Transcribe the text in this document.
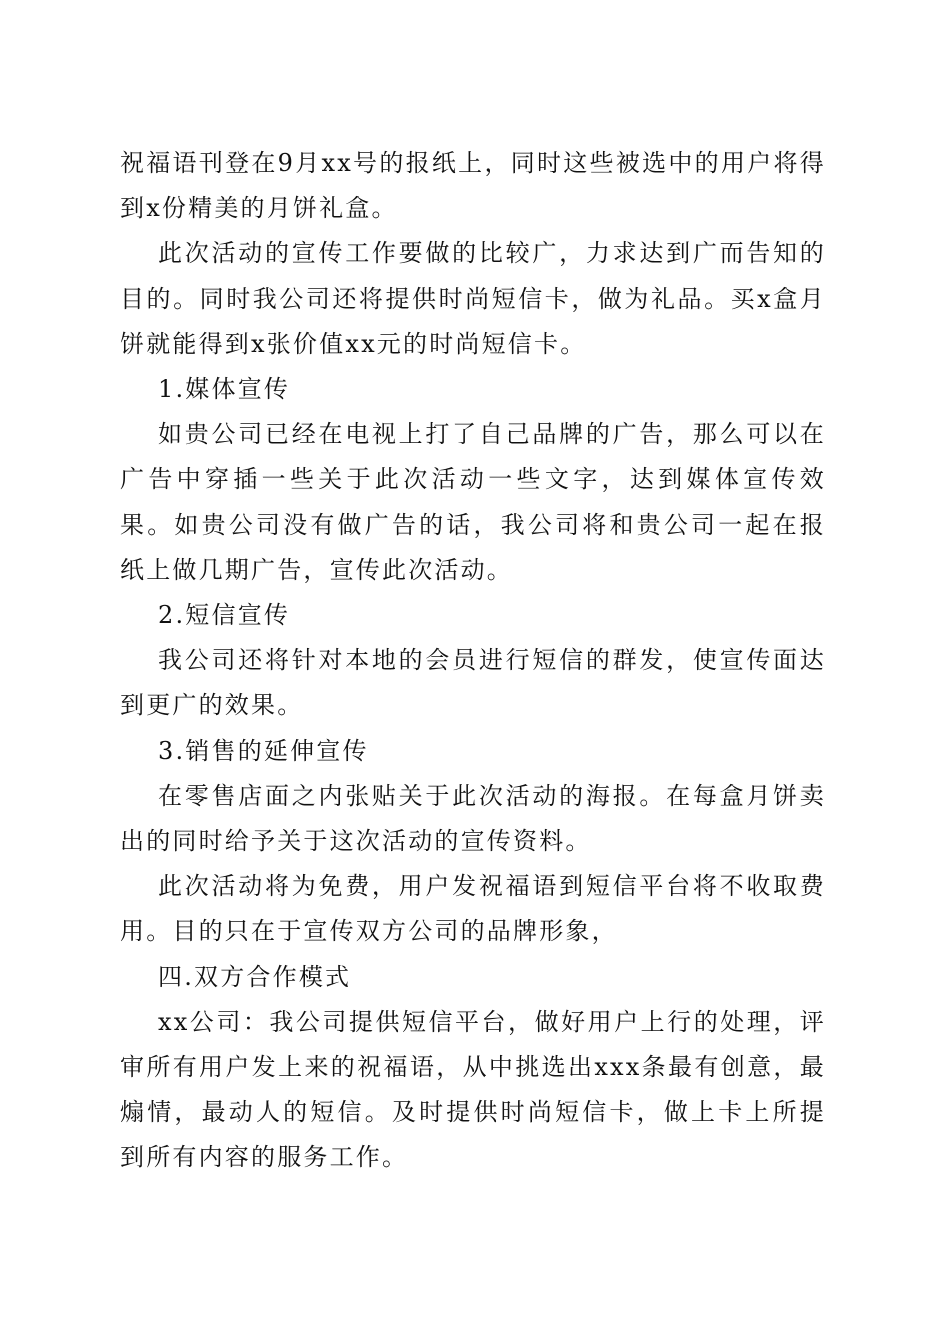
祝福语刊登在9月xx号的报纸上，同时这些被选中的用户将得到x份精美的月饼礼盒。

此次活动的宣传工作要做的比较广，力求达到广而告知的目的。同时我公司还将提供时尚短信卡，做为礼品。买x盒月饼就能得到x张价值xx元的时尚短信卡。

1.媒体宣传

如贵公司已经在电视上打了自己品牌的广告，那么可以在广告中穿插一些关于此次活动一些文字，达到媒体宣传效果。如贵公司没有做广告的话，我公司将和贵公司一起在报纸上做几期广告，宣传此次活动。

2.短信宣传

我公司还将针对本地的会员进行短信的群发，使宣传面达到更广的效果。

3.销售的延伸宣传

在零售店面之内张贴关于此次活动的海报。在每盒月饼卖出的同时给予关于这次活动的宣传资料。

此次活动将为免费，用户发祝福语到短信平台将不收取费用。目的只在于宣传双方公司的品牌形象，

四.双方合作模式

xx公司：我公司提供短信平台，做好用户上行的处理，评审所有用户发上来的祝福语，从中挑选出xxx条最有创意，最煽情，最动人的短信。及时提供时尚短信卡，做上卡上所提到所有内容的服务工作。
